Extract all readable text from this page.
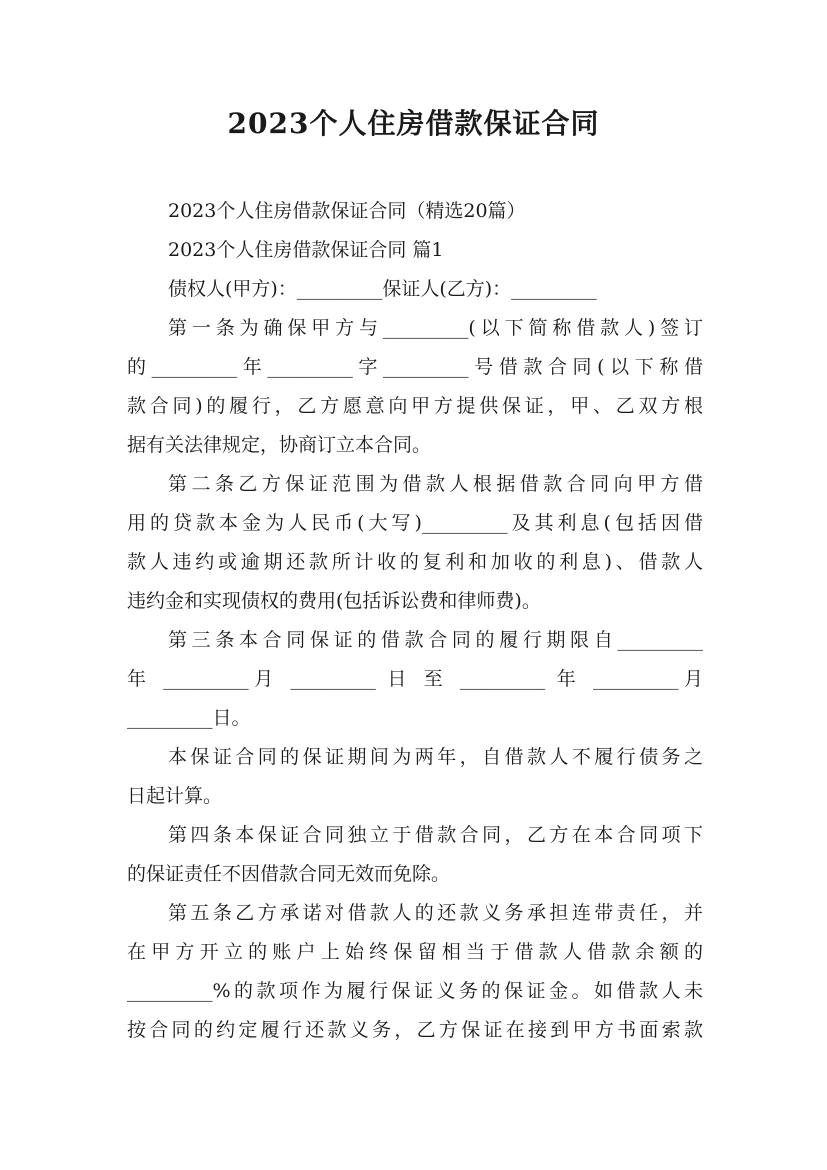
2023个人住房借款保证合同
2023个人住房借款保证合同（精选20篇）
2023个人住房借款保证合同 篇1
债权人(甲方)：_________保证人(乙方)：_________
第一条为确保甲方与_________(以下简称借款人)签订
的_________年_________字_________号借款合同(以下称借
款合同)的履行，乙方愿意向甲方提供保证，甲、乙双方根
据有关法律规定，协商订立本合同。
第二条乙方保证范围为借款人根据借款合同向甲方借
用的贷款本金为人民币(大写)_________及其利息(包括因借
款人违约或逾期还款所计收的复利和加收的利息)、借款人
违约金和实现债权的费用(包括诉讼费和律师费)。
第三条本合同保证的借款合同的履行期限自_________
年 _________月 _________ 日 至 _________ 年 _________月
_________日。
本保证合同的保证期间为两年，自借款人不履行债务之
日起计算。
第四条本保证合同独立于借款合同，乙方在本合同项下
的保证责任不因借款合同无效而免除。
第五条乙方承诺对借款人的还款义务承担连带责任，并
在甲方开立的账户上始终保留相当于借款人借款余额的
_________%的款项作为履行保证义务的保证金。如借款人未
按合同的约定履行还款义务，乙方保证在接到甲方书面索款
